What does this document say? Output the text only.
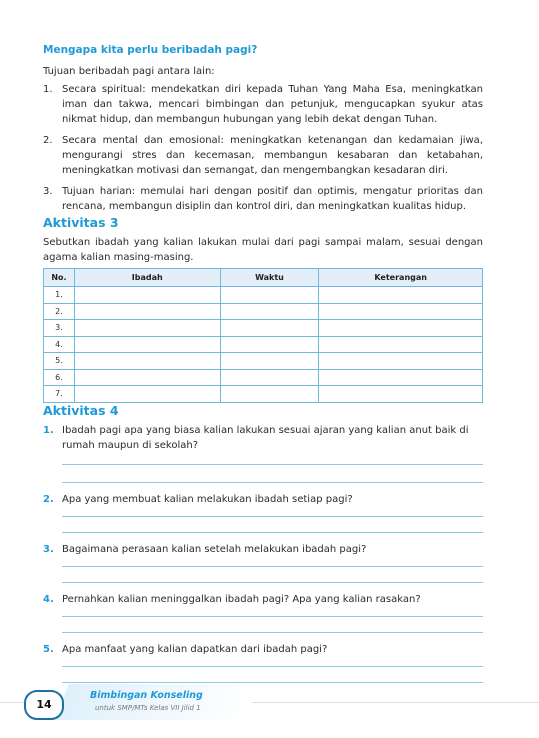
Mengapa kita perlu beribadah pagi?
Tujuan beribadah pagi antara lain:
1. Secara spiritual: mendekatkan diri kepada Tuhan Yang Maha Esa, meningkatkan iman dan takwa, mencari bimbingan dan petunjuk, mengucapkan syukur atas nikmat hidup, dan membangun hubungan yang lebih dekat dengan Tuhan.
2. Secara mental dan emosional: meningkatkan ketenangan dan kedamaian jiwa, mengurangi stres dan kecemasan, membangun kesabaran dan ketabahan, meningkatkan motivasi dan semangat, dan mengembangkan kesadaran diri.
3. Tujuan harian: memulai hari dengan positif dan optimis, mengatur prioritas dan rencana, membangun disiplin dan kontrol diri, dan meningkatkan kualitas hidup.
Aktivitas 3
Sebutkan ibadah yang kalian lakukan mulai dari pagi sampai malam, sesuai dengan agama kalian masing-masing.
No.	Ibadah	Waktu	Keterangan
1.			
2.			
3.			
4.			
5.			
6.			
7.			
Aktivitas 4
1. Ibadah pagi apa yang biasa kalian lakukan sesuai ajaran yang kalian anut baik di rumah maupun di sekolah?
2. Apa yang membuat kalian melakukan ibadah setiap pagi?
3. Bagaimana perasaan kalian setelah melakukan ibadah pagi?
4. Pernahkan kalian meninggalkan ibadah pagi? Apa yang kalian rasakan?
5. Apa manfaat yang kalian dapatkan dari ibadah pagi?
14
Bimbingan Konseling
untuk SMP/MTs Kelas VII Jilid 1
